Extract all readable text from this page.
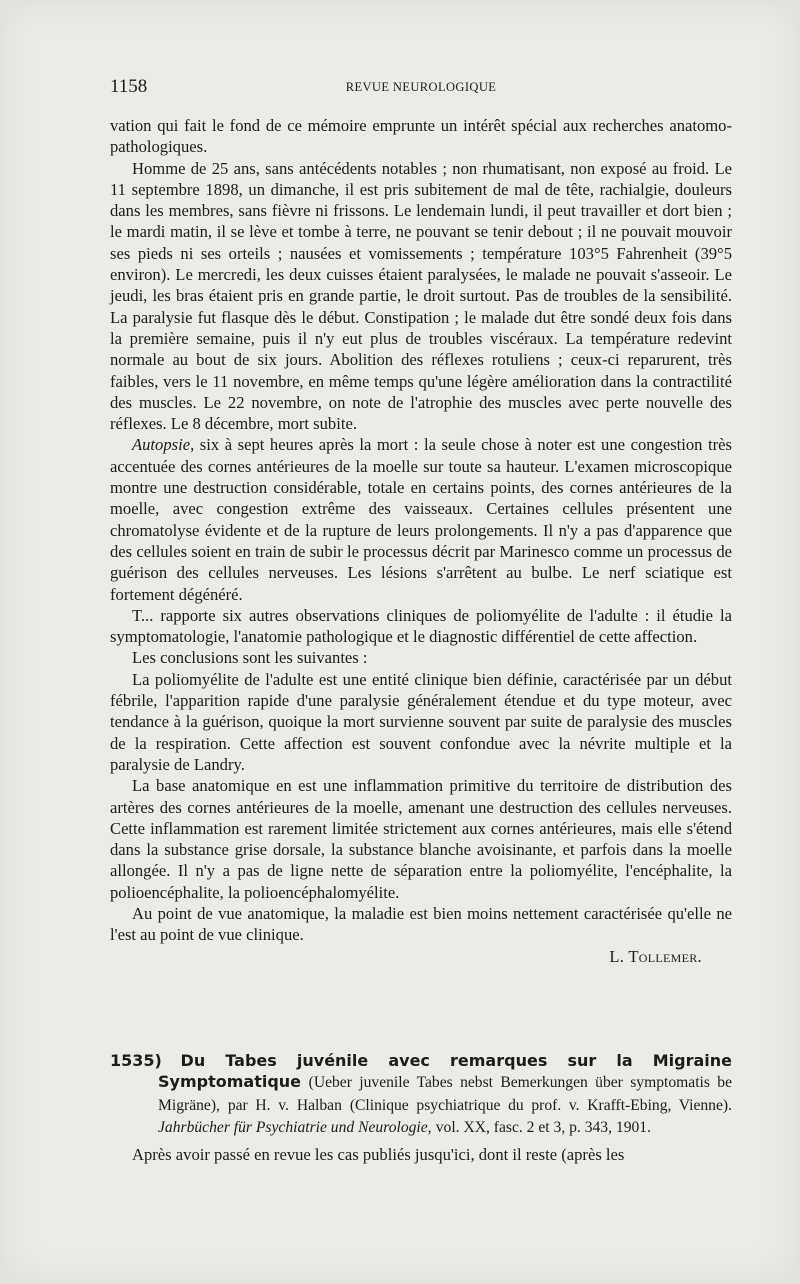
1158	REVUE NEUROLOGIQUE

vation qui fait le fond de ce mémoire emprunte un intérêt spécial aux recherches anatomo-pathologiques.

Homme de 25 ans, sans antécédents notables ; non rhumatisant, non exposé au froid. Le 11 septembre 1898, un dimanche, il est pris subitement de mal de tête, rachialgie, douleurs dans les membres, sans fièvre ni frissons. Le lendemain lundi, il peut travailler et dort bien ; le mardi matin, il se lève et tombe à terre, ne pouvant se tenir debout ; il ne pouvait mouvoir ses pieds ni ses orteils ; nausées et vomissements ; température 103°5 Fahrenheit (39°5 environ). Le mercredi, les deux cuisses étaient paralysées, le malade ne pouvait s'asseoir. Le jeudi, les bras étaient pris en grande partie, le droit surtout. Pas de troubles de la sensibilité. La paralysie fut flasque dès le début. Constipation ; le malade dut être sondé deux fois dans la première semaine, puis il n'y eut plus de troubles viscéraux. La température redevint normale au bout de six jours. Abolition des réflexes rotuliens ; ceux-ci reparurent, très faibles, vers le 11 novembre, en même temps qu'une légère amélioration dans la contractilité des muscles. Le 22 novembre, on note de l'atrophie des muscles avec perte nouvelle des réflexes. Le 8 décembre, mort subite.

Autopsie, six à sept heures après la mort : la seule chose à noter est une congestion très accentuée des cornes antérieures de la moelle sur toute sa hauteur. L'examen microscopique montre une destruction considérable, totale en certains points, des cornes antérieures de la moelle, avec congestion extrême des vaisseaux. Certaines cellules présentent une chromatolyse évidente et de la rupture de leurs prolongements. Il n'y a pas d'apparence que des cellules soient en train de subir le processus décrit par Marinesco comme un processus de guérison des cellules nerveuses. Les lésions s'arrêtent au bulbe. Le nerf sciatique est fortement dégénéré.

T... rapporte six autres observations cliniques de poliomyélite de l'adulte : il étudie la symptomatologie, l'anatomie pathologique et le diagnostic différentiel de cette affection.

Les conclusions sont les suivantes :

La poliomyélite de l'adulte est une entité clinique bien définie, caractérisée par un début fébrile, l'apparition rapide d'une paralysie généralement étendue et du type moteur, avec tendance à la guérison, quoique la mort survienne souvent par suite de paralysie des muscles de la respiration. Cette affection est souvent confondue avec la névrite multiple et la paralysie de Landry.

La base anatomique en est une inflammation primitive du territoire de distribution des artères des cornes antérieures de la moelle, amenant une destruction des cellules nerveuses. Cette inflammation est rarement limitée strictement aux cornes antérieures, mais elle s'étend dans la substance grise dorsale, la substance blanche avoisinante, et parfois dans la moelle allongée. Il n'y a pas de ligne nette de séparation entre la poliomyélite, l'encéphalite, la polioencéphalite, la polioencéphalomyélite.

Au point de vue anatomique, la maladie est bien moins nettement caractérisée qu'elle ne l'est au point de vue clinique.
L. Tollemer.

1535) Du Tabes juvénile avec remarques sur la Migraine Symptomatique (Ueber juvenile Tabes nebst Bemerkungen über symptomatis be Migräne), par H. v. Halban (Clinique psychiatrique du prof. v. Krafft-Ebing, Vienne). Jahrbücher für Psychiatrie und Neurologie, vol. XX, fasc. 2 et 3, p. 343, 1901.

Après avoir passé en revue les cas publiés jusqu'ici, dont il reste (après les
